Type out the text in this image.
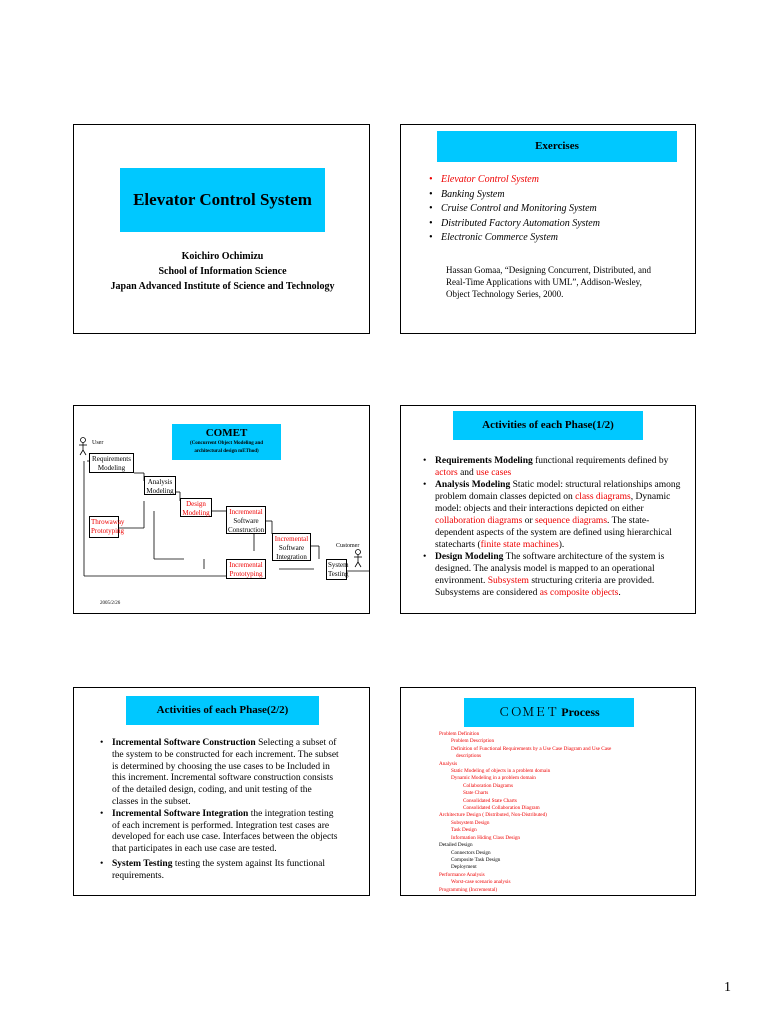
Elevator Control System
Koichiro Ochimizu
School of Information Science
Japan Advanced Institute of Science and Technology
Exercises
• Elevator Control System
• Banking System
• Cruise Control and Monitoring System
• Distributed Factory Automation System
• Electronic Commerce System
Hassan Gomaa, “Designing Concurrent, Distributed, and Real-Time Applications with UML”, Addison-Wesley, Object Technology Series, 2000.
COMET
(Concurrent Object Modeling and
architectural design mEThod)
User
Customer
Requirements Modeling
Analysis Modeling
Design Modeling	Incremental
Software Construction
Incremental
Software Integration
Throwaway Prototyping
Incremental Prototyping
System Testing
2005/2/26
Activities of each Phase(1/2)
• Requirements Modeling functional requirements defined by actors and use cases
• Analysis Modeling Static model: structural relationships among problem domain classes depicted on class diagrams, Dynamic model: objects and their interactions depicted on either collaboration diagrams or sequence diagrams. The state-dependent aspects of the system are defined using hierarchical statecharts (finite state machines).
• Design Modeling The software architecture of the system is designed. The analysis model is mapped to an operational environment. Subsystem structuring criteria are provided. Subsystems are considered as composite objects.
Activities of each Phase(2/2)
• Incremental Software Construction Selecting a subset of the system to be constructed for each increment. The subset is determined by choosing the use cases to be Included in this increment. Incremental software construction consists of the detailed design, coding, and unit testing of the classes in the subset.
• Incremental Software Integration the integration testing of each increment is performed. Integration test cases are developed for each use case. Interfaces between the objects that participates in each use case are tested.
• System Testing testing the system against Its functional requirements.
ＣＯＭＥＴ Process
Problem Definition
Problem Description
Definition of Functional Requirements by a Use Case Diagram and Use Case
descriptions
Analysis
Static Modeling of objects in a problem domain
Dynamic Modeling in a problem domain
Collaboration Diagrams
State Charts
Consolidated State Charts
Consolidated Collaboration Diagram
Architecture Design ( Distributed, Non-Distributed)
Subsystem Design
Task Design
Information Hiding Class Design
Detailed Design
Connectors Design
Composite Task Design
Deployment
Performance Analysis
Worst-case scenario analysis
Programming (Incremental)
1
